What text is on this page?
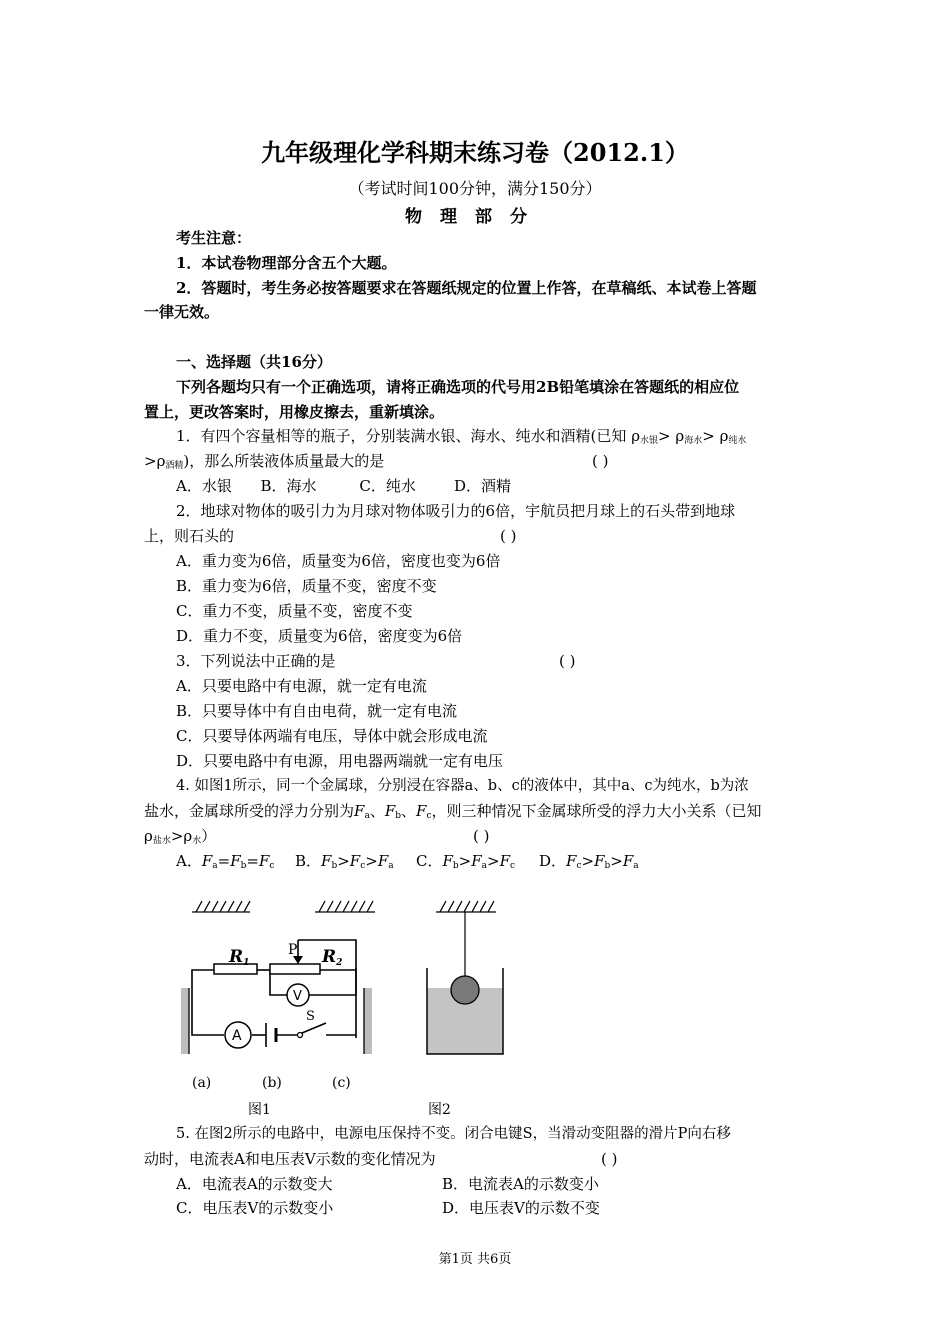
九年级理化学科期末练习卷（2012.1）
（考试时间100分钟，满分150分）
物理部分
考生注意：
1．本试卷物理部分含五个大题。
2．答题时，考生务必按答题要求在答题纸规定的位置上作答，在草稿纸、本试卷上答题
一律无效。
一、选择题（共16分）
下列各题均只有一个正确选项，请将正确选项的代号用2B铅笔填涂在答题纸的相应位
置上，更改答案时，用橡皮擦去，重新填涂。
1．有四个容量相等的瓶子，分别装满水银、海水、纯水和酒精(已知 $\rho_{水银}> \rho_{海水}> \rho_{纯水}$
$>\rho_{酒精}$)，那么所装液体质量最大的是	( )
A．水银      B．海水         C．纯水        D．酒精
2．地球对物体的吸引力为月球对物体吸引力的6倍，宇航员把月球上的石头带到地球
上，则石头的	( )
A．重力变为6倍，质量变为6倍，密度也变为6倍
B．重力变为6倍，质量不变，密度不变
C．重力不变，质量不变，密度不变
D．重力不变，质量变为6倍，密度变为6倍
3．下列说法中正确的是	( )
A．只要电路中有电源，就一定有电流
B．只要导体中有自由电荷，就一定有电流
C．只要导体两端有电压，导体中就会形成电流
D．只要电路中有电源，用电器两端就一定有电压
4. 如图1所示，同一个金属球，分别浸在容器a、b、c的液体中，其中a、c为纯水，b为浓
盐水，金属球所受的浮力分别为$F_a$、$F_b$、$F_c$，则三种情况下金属球所受的浮力大小关系（已知
$\rho_{盐水}>\rho_水$）	( )
A．$F_a=F_b=F_c$ B．$F_b>F_c>F_a$ C．$F_b>F_a>F_c$ D．$F_c>F_b>F_a$
R1	R2
P
V
A
S
(a)	(b)	(c)
图1	图2
5. 在图2所示的电路中，电源电压保持不变。闭合电键S，当滑动变阻器的滑片P向右移
动时，电流表A和电压表V示数的变化情况为	( )
A．电流表A的示数变大	B．电流表A的示数变小
C．电压表V的示数变小	D．电压表V的示数不变
第1页 共6页
